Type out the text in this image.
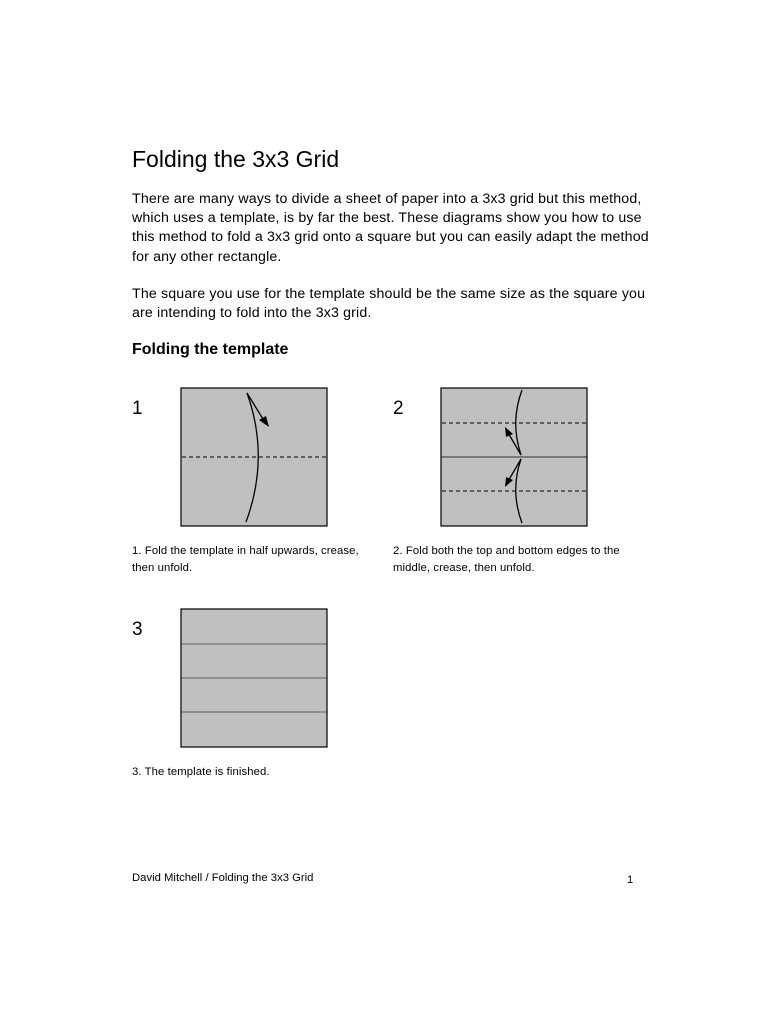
Folding the 3x3 Grid
There are many ways to divide a sheet of paper into a 3x3 grid but this method, which uses a template, is by far the best. These diagrams show you how to use this method to fold a 3x3 grid onto a square but you can easily adapt the method for any other rectangle.
The square you use for the template should be the same size as the square you are intending to fold into the 3x3 grid.
Folding the template
1
1. Fold the template in half upwards, crease, then unfold.
2
2. Fold both the top and bottom edges to the middle, crease, then unfold.
3
3. The template is finished.
David Mitchell / Folding the 3x3 Grid	1
